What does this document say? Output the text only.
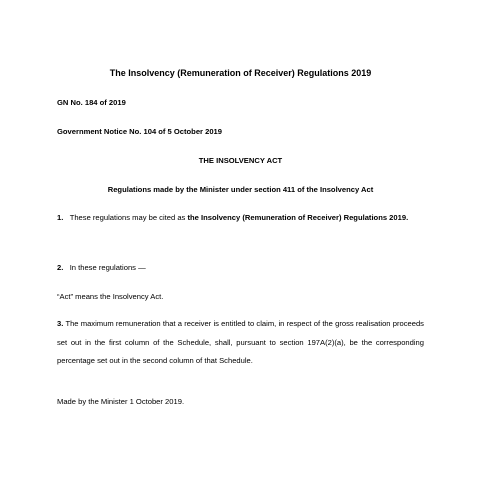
The Insolvency (Remuneration of Receiver) Regulations 2019
GN No. 184 of 2019
Government Notice No. 104 of 5 October 2019
THE INSOLVENCY ACT
Regulations made by the Minister under section 411 of the Insolvency Act
1. These regulations may be cited as the Insolvency (Remuneration of Receiver) Regulations 2019.
2. In these regulations —
“Act” means the Insolvency Act.
3. The maximum remuneration that a receiver is entitled to claim, in respect of the gross realisation proceeds set out in the first column of the Schedule, shall, pursuant to section 197A(2)(a), be the corresponding percentage set out in the second column of that Schedule.
Made by the Minister 1 October 2019.
